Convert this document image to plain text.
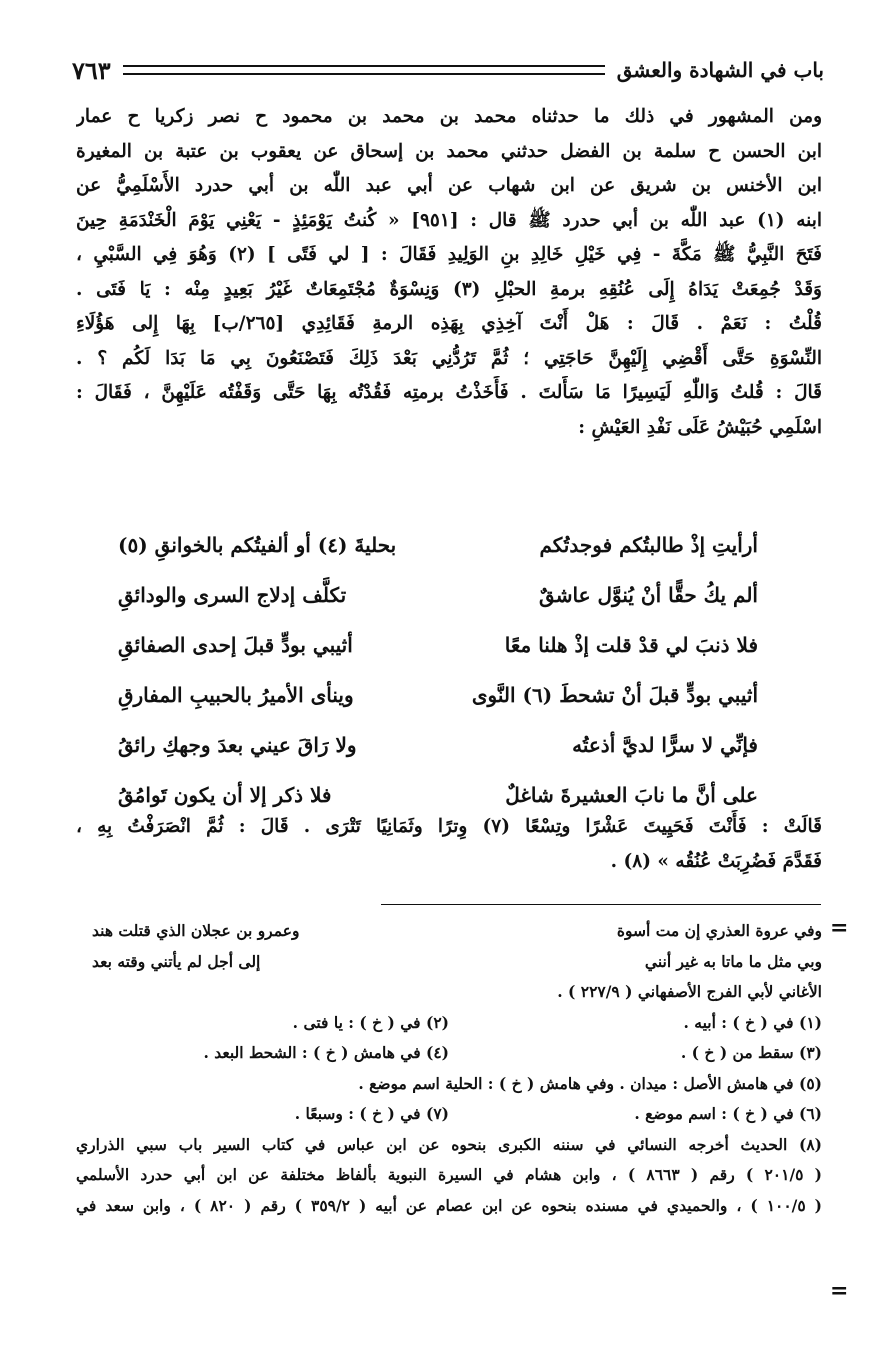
باب في الشهادة والعشق
٧٦٣
ومن المشهور في ذلك ما حدثناه محمد بن محمد بن محمود ح نصر زكريا ح عمار
ابن الحسن ح سلمة بن الفضل حدثني محمد بن إسحاق عن يعقوب بن عتبة بن المغيرة
ابن الأخنس بن شريق عن ابن شهاب عن أبي عبد اللّٰه بن أبي حدرد الأَسْلَمِيُّ عن
ابنه (١) عبد اللّٰه بن أبي حدرد ﷺ قال : [٩٥١] « كُنتُ يَوْمَئِذٍ - يَعْنِي يَوْمَ الْخَنْدَمَةِ حِينَ
فَتَحَ النَّبِيُّ ﷺ مَكَّةَ - فِي خَيْلِ خَالِدِ بنِ الوَلِيدِ فَقَالَ : [ لي فَتًى ] (٢) وَهُوَ فِي السَّبْيِ ،
وَقَدْ جُمِعَتْ يَدَاهُ إِلَى عُنُقِهِ برمةِ الحبْلِ (٣) وَنِسْوَةٌ مُجْتَمِعَاتٌ غَيْرُ بَعِيدٍ مِنْه : يَا فَتَى .
قُلْتُ : نَعَمْ . قَالَ : هَلْ أَنْتَ آخِذِي بِهَذِه الرمةِ فَقَائِدِي [٢٦٥/ب] بِهَا إِلى هَؤُلَاءِ
النِّسْوَةِ حَتَّى أَقْضِي إِلَيْهِنَّ حَاجَتِي ؛ ثُمَّ تَرُدُّنِي بَعْدَ ذَلِكَ فَتَصْنَعُونَ بِي مَا بَدَا لَكُم ؟ .
قَالَ : قُلتُ وَاللّٰهِ لَيَسِيرًا مَا سَأَلتَ . فَأَخَذْتُ برمتِه فَقُدْتُه بِهَا حَتَّى وَقَفْتُه عَلَيْهِنَّ ، فَقَالَ :
اسْلَمِي حُبَيْشُ عَلَى نَفْدِ العَيْشِ :
أرأيتِ إذْ طالبتُكم فوجدتُكم
بحليةَ (٤) أو ألفيتُكم بالخوانقِ (٥)
ألم يكُ حقًّا أنْ يُنوَّل عاشقٌ
تكلَّف إدلاج السرى والودائقِ
فلا ذنبَ لي قدْ قلت إذْ هلنا معًا
أثيبي بودٍّ قبلَ إحدى الصفائقِ
أثيبي بودٍّ قبلَ أنْ تشحطَ (٦) النَّوى
وينأى الأميرُ بالحبيبِ المفارقِ
فإنِّي لا سرًّا لديَّ أذعتُه
ولا رَاقَ عيني بعدَ وجهكِ رائقُ
على أنَّ ما نابَ العشيرةَ شاغلٌ
فلا ذكر إلا أن يكون تَوامُقُ
قَالَتْ : فَأَنْتَ فَحَيِيتَ عَشْرًا وتِسْعًا (٧) وِترًا وثَمَانِيًا تَتْرَى . قَالَ : ثُمَّ انْصَرَفْتُ بِهِ ،
فَقَدَّمَ فَضُرِبَتْ عُنُقُه » (٨) .
=
وفي عروة العذري إن مت أسوة
وعمرو بن عجلان الذي قتلت هند
وبي مثل ما ماتا به غير أنني
إلى أجل لم يأتني وقته بعد
الأغاني لأبي الفرج الأصفهاني ( ٢٢٧/٩ ) .
(١) في ( خ ) : أبيه .
(٢) في ( خ ) : يا فتى .
(٣) سقط من ( خ ) .
(٤) في هامش ( خ ) : الشحط البعد .
(٥) في هامش الأصل : ميدان . وفي هامش ( خ ) : الحلية اسم موضع .
(٦) في ( خ ) : اسم موضع .
(٧) في ( خ ) : وسبعًا .
(٨) الحديث أخرجه النسائي في سننه الكبرى بنحوه عن ابن عباس في كتاب السير باب سبي الذراري
( ٢٠١/٥ ) رقم ( ٨٦٦٣ ) ، وابن هشام في السيرة النبوية بألفاظ مختلفة عن ابن أبي حدرد الأسلمي
( ١٠٠/٥ ) ، والحميدي في مسنده بنحوه عن ابن عصام عن أبيه ( ٣٥٩/٢ ) رقم ( ٨٢٠ ) ، وابن سعد في
=
